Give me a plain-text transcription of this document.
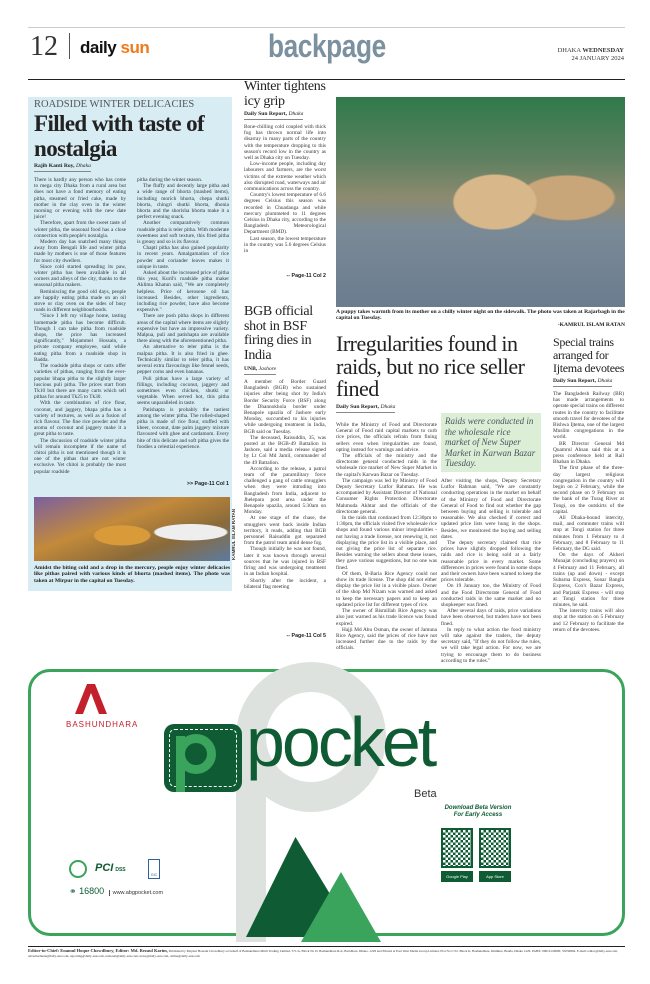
12 daily sun	backpage	DHAKA WEDNESDAY
24 JANUARY 2024
ROADSIDE WINTER DELICACIES
Filled with taste of nostalgia
Rajib Kanti Roy, Dhaka

There is hardly any person who has come to mega city Dhaka from a rural area but does not have a fond memory of eating pitha, steamed or fried cake, made by mother in the clay oven in the winter morning or evening with the new date juice!

Therefore, apart from the sweet taste of winter pitha, the seasonal food has a close connection with people's nostalgia.

Modern day has snatched many things away from Bengali life and winter pitha made by mothers is one of those features for most city dwellers.

Since cold started spreading its paw, winter pitha has been available in all corners and alleys of the city, thanks to the seasonal pitha makers.

Reminiscing the good old days, people are happily eating pitha made on an oil stove or clay oven on the sides of busy roads in different neighbourhoods.

"Since I left my village home, tasting homemade pitha has become difficult. Though I can take pitha from roadside shops, the price has increased significantly," Mojammel Hossain, a private company employee, said while eating pitha from a roadside shop in Badda.

The roadside pitha shops or carts offer varieties of pithas, ranging from the ever-popular bhapa pitha to the slightly larger luscious puli pitha. The prices start from Tk10 but there are many carts which sell pithas for around Tk25 to Tk30.

With the combination of rice flour, coconut, and jaggery, bhapa pitha has a variety of textures, as well as a fusion of rich flavour. The fine rice powder and the aroma of coconut and jaggery make it a great pitha to taste.

The discussion of roadside winter pitha will remain incomplete if the name of chitoi pitha is not mentioned though it is one of the pithas that are not winter exclusive. Yet chitoi is probably the most popular roadside

pitha during the winter season.

The fluffy and decently large pitha and a wide range of bhorta (mashed items), including morich bhorta, chepa shutki bhorta, chingri shutki bhorta, dhonia bhorta and the shorisha bhorta make it a perfect evening snack.

Another comparatively common roadside pitha is teler pitha. With moderate sweetness and soft texture, this fried pitha is greasy and so is its flavour.

Chapti pitha has also gained popularity in recent years. Amalgamation of rice powder and coriander leaves makes it unique in taste.

Asked about the increased price of pitha this year, Kuril's roadside pitha maker Aklima Khatun said, "We are completely helpless. Price of kerosene oil has increased. Besides, other ingredients, including rice powder, have also become expensive."

There are posh pitha shops in different areas of the capital where items are slightly expensive but have an impressive variety. Malpua, puli and patishapta are available there along with the aforementioned pitha.

An alternative to teler pitha is the malpua pitha. It is also fried in ghee. Technically similar to teler pitha, it has several extra flavourings like fennel seeds, pepper corns and even bananas.

Puli pithas have a large variety of fillings, including coconut, jaggery and sometimes even chicken, shutki or vegetable. When served hot, this pitha seems unparalleled in taste.

Patishapta is probably the tastiest among the winter pitha. The rolled-shaped pitha is made of rice flour, stuffed with kheer, coconut, date palm jaggery mixture flavoured with ghee and cardamom. Every bite of this delicate and soft pitha gives the foodies a celestial experience.

>> Page-11 Col 1
KAMRUL ISLAM RATAN
Amidst the biting cold and a drop in the mercury, people enjoy winter delicacies like pithas paired with various kinds of bhorta (mashed items). The photo was taken at Mirpur in the capital on Tuesday.
Winter tightens icy grip
Daily Sun Report, Dhaka

Bone-chilling cold coupled with thick fog has thrown normal life into disarray in many parts of the country with the temperature dropping to this season's record low in the country as well as Dhaka city on Tuesday.

Low-income people, including day labourers and farmers, are the worst victims of the extreme weather which also disrupted road, waterways and air communications across the country.

Country's lowest temperature of 6.6 degrees Celsius this season was recorded in Chuadanga and while mercury plummeted to 11 degrees Celsius in Dhaka city, according to the Bangladesh Meteorological Department (BMD).

Last season, the lowest temperature in the country was 5.6 degrees Celsius in

-- Page-11 Col 2
BGB official shot in BSF firing dies in India
UNB, Jashore

A member of Border Guard Bangladesh (BGB) who sustained injuries after being shot by India's Border Security Force (BSF) along the Dhannokhola border under Benapole upazila of Jashore early Monday, succumbed to his injuries while undergoing treatment in India, BGB said on Tuesday.

The deceased, Raisuddin, 35, was posted at the BGB-49 Battalion in Jashore, said a media release signed by Lt Col Md Jamil, commander of the 49 Battalion.

According to the release, a patrol team of the paramilitary force challenged a gang of cattle smugglers when they were intruding into Bangladesh from India, adjacent to Jhelepara post area under the Benapole upazila, around 5:30am on Monday.

At one stage of the chase, the smugglers went back inside Indian territory, it reads, adding that BGB personnel Raisuddin got separated from the patrol team amid dense fog.

Though initially he was not found, later it was known through several sources that he was injured in BSF firing and was undergoing treatment in an Indian hospital.

Shortly after the incident, a bilateral flag meeting

-- Page-11 Col 5
A puppy takes warmth from its mother on a chilly winter night on the sidewalk. The photo was taken at Rajarbagh in the capital on Tuesday.
-KAMRUL ISLAM RATAN
Irregularities found in raids, but no rice seller fined
Daily Sun Report, Dhaka

While the Ministry of Food and Directorate General of Food raid capital markets to curb rice prices, the officials refrain from fining sellers even when irregularities are found, opting instead for warnings and advice.

The officials of the ministry and the directorate general conducted raids in the wholesale rice market of New Super Market in the capital's Karwan Bazar on Tuesday.

The campaign was led by Ministry of Food Deputy Secretary Lutfor Rahman. He was accompanied by Assistant Director of National Consumer Rights Protection Directorate Mahmuda Akhtar and the officials of the directorate general.

In the raids that continued from 12:30pm to 1:30pm, the officials visited five wholesale rice shops and found various minor irregularities - not having a trade license, not renewing it, not displaying the price list in a visible place, and not giving the price list of separate rice. Besides warning the sellers about these issues, they gave various suggestions, but no one was fined.

Of them, B-Baria Rice Agency could not show its trade license. The shop did not either display the price list in a visible place. Owner of the shop Md Nizam was warned and asked to keep the necessary papers and to keep an updated price list for different types of rice.

The owner of Bismillah Rice Agency was also just warned as his trade licence was found expired.

Hajji Md Abu Osman, the owner of Jamuna Rice Agency, said the prices of rice have not increased further due to the raids by the officials.

Raids were conducted in the wholesale rice market of New Super Market in Karwan Bazar Tuesday.

After visiting the shops, Deputy Secretary Lutfor Rahman said, "We are constantly conducting operations in the market on behalf of the Ministry of Food and Directorate General of Food to find out whether the gap between buying and selling is tolerable and reasonable. We also checked if correct and updated price lists were hung in the shops. Besides, we monitored the buying and selling dates.

The deputy secretary claimed that rice prices have slightly dropped following the raids and rice is being sold at a fairly reasonable price in every market. Some differences in prices were found in some shops and their owners have been warned to keep the prices tolerable.

On 19 January too, the Ministry of Food and the Food Directorate General of Food conducted raids in the same market and no shopkeeper was fined.

After several days of raids, price variations have been observed, but traders have not been fined.

In reply to what action the food ministry will take against the traders, the deputy secretary said, "If they do not follow the rules, we will take legal action. For now, we are trying to encourage them to do business according to the rules."

Special trains arranged for Ijtema devotees
Daily Sun Report, Dhaka

The Bangladesh Railway (BR) has made arrangements to operate special trains on different routes in the country to facilitate smooth travel for devotees of the Bishwa Ijtema, one of the largest Muslim congregations in the world.

BR Director General Md Quamrul Ahsan said this at a press conference held at Rail Bhaban in Dhaka.

The first phase of the three-day largest religious congregation in the country will begin on 2 February, while the second phase on 9 February on the bank of the Turag River at Tongi, on the outskirts of the capital.

All Dhaka-bound intercity, mail, and commuter trains will stop at Tongi station for three minutes from 1 February to 4 February, and 8 February to 11 February, the DG said.

On the days of Akheri Munajat (concluding prayers) on 4 February and 11 February, all trains (up and down) - except Subarna Express, Sonar Bangla Express, Cox's Bazar Express, and Parjatak Express - will stop at Tongi station for three minutes, he said.

The intercity trains will also stop at the station on 5 February and 12 February to facilitate the return of the devotees.

BASHUNDHARA pocket
Beta
Download Beta Version For Early Access
Google Play	App Store
PCI DSS
GIC
⚭ 16800 www.abgpocket.com
Editor-in-Chief: Enamul Hoque Chowdhury, Editor: Md. Rezaul Karim, Published by Maynul Hossain Chowdhury on behalf of Bashundhara Multi Trading Limited, 371/A, Block No D, Bashundhara R/A, Baridhara, Dhaka -1229 and Printed at East West Media Group Limited, Plot No C/52, Block K, Bashundhara, Khilkhet, Badda, Dhaka 1229. PABX: 09612120000, 55036804. E-mail: editor@daily-sun.com, advertisement@daily-sun.com, reporting@daily-sun.com, national@daily-sun.com, news@daily-sun.com, online@daily-sun.com
